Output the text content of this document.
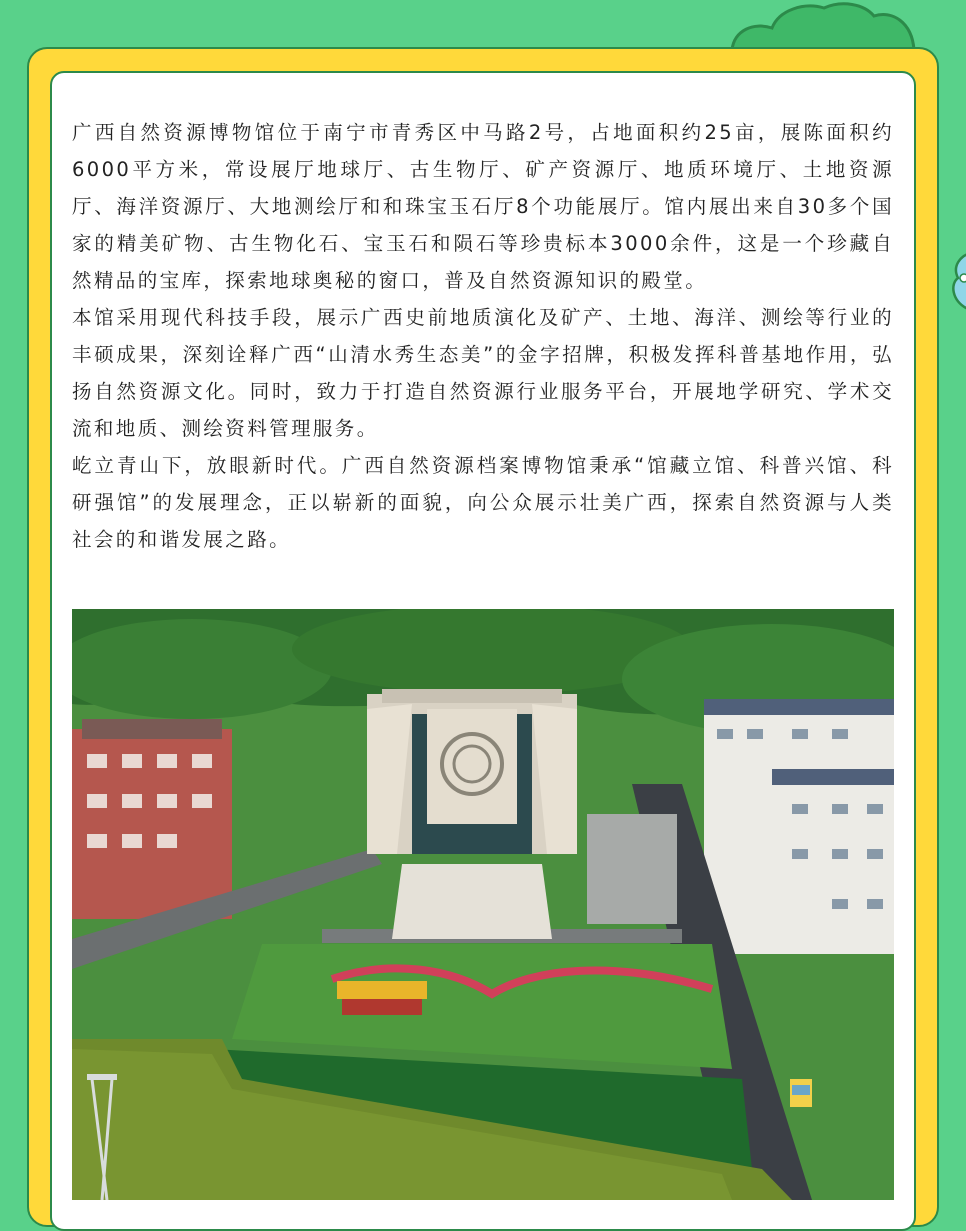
广西自然资源博物馆位于南宁市青秀区中马路2号，占地面积约25亩，展陈面积约6000平方米，常设展厅地球厅、古生物厅、矿产资源厅、地质环境厅、土地资源厅、海洋资源厅、大地测绘厅和和珠宝玉石厅8个功能展厅。馆内展出来自30多个国家的精美矿物、古生物化石、宝玉石和陨石等珍贵标本3000余件，这是一个珍藏自然精品的宝库，探索地球奥秘的窗口，普及自然资源知识的殿堂。

本馆采用现代科技手段，展示广西史前地质演化及矿产、土地、海洋、测绘等行业的丰硕成果，深刻诠释广西“山清水秀生态美”的金字招牌，积极发挥科普基地作用，弘扬自然资源文化。同时，致力于打造自然资源行业服务平台，开展地学研究、学术交流和地质、测绘资料管理服务。

屹立青山下，放眼新时代。广西自然资源档案博物馆秉承“馆藏立馆、科普兴馆、科研强馆”的发展理念，正以崭新的面貌，向公众展示壮美广西，探索自然资源与人类社会的和谐发展之路。
